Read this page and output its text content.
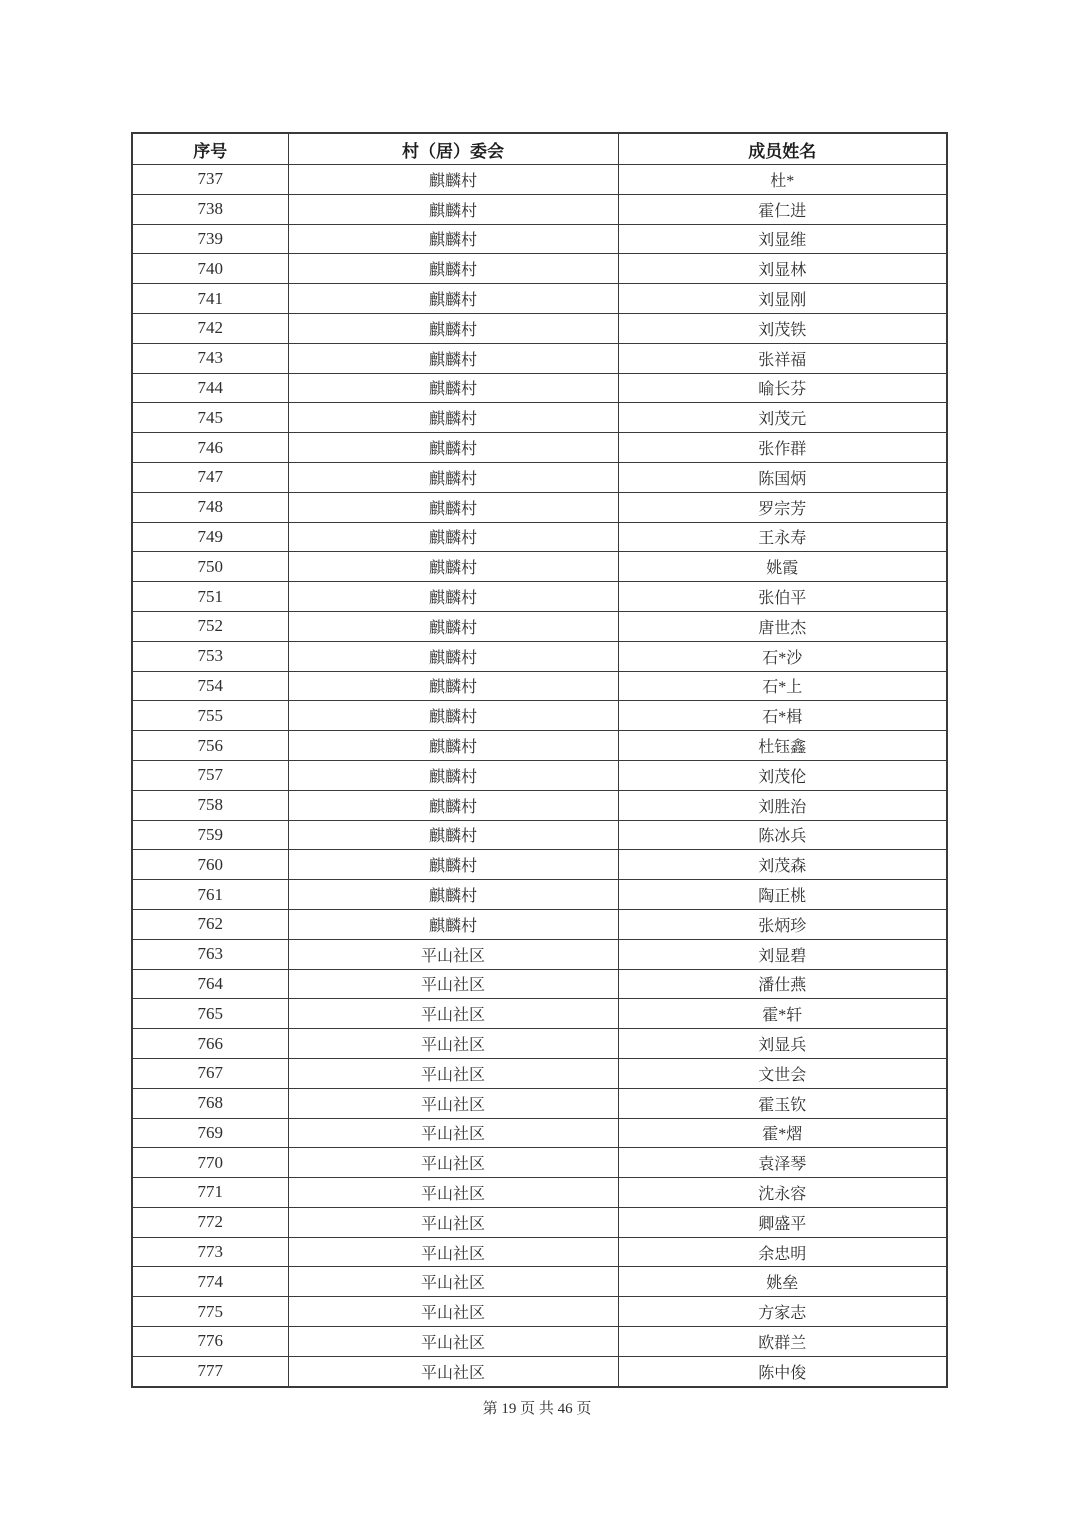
序号	村（居）委会	成员姓名
737	麒麟村	杜*
738	麒麟村	霍仁进
739	麒麟村	刘显维
740	麒麟村	刘显林
741	麒麟村	刘显刚
742	麒麟村	刘茂铁
743	麒麟村	张祥福
744	麒麟村	喻长芬
745	麒麟村	刘茂元
746	麒麟村	张作群
747	麒麟村	陈国炳
748	麒麟村	罗宗芳
749	麒麟村	王永寿
750	麒麟村	姚霞
751	麒麟村	张伯平
752	麒麟村	唐世杰
753	麒麟村	石*沙
754	麒麟村	石*上
755	麒麟村	石*楫
756	麒麟村	杜钰鑫
757	麒麟村	刘茂伦
758	麒麟村	刘胜治
759	麒麟村	陈冰兵
760	麒麟村	刘茂森
761	麒麟村	陶正桃
762	麒麟村	张炳珍
763	平山社区	刘显碧
764	平山社区	潘仕燕
765	平山社区	霍*轩
766	平山社区	刘显兵
767	平山社区	文世会
768	平山社区	霍玉钦
769	平山社区	霍*熠
770	平山社区	袁泽琴
771	平山社区	沈永容
772	平山社区	卿盛平
773	平山社区	余忠明
774	平山社区	姚垒
775	平山社区	方家志
776	平山社区	欧群兰
777	平山社区	陈中俊
第 19 页 共 46 页
